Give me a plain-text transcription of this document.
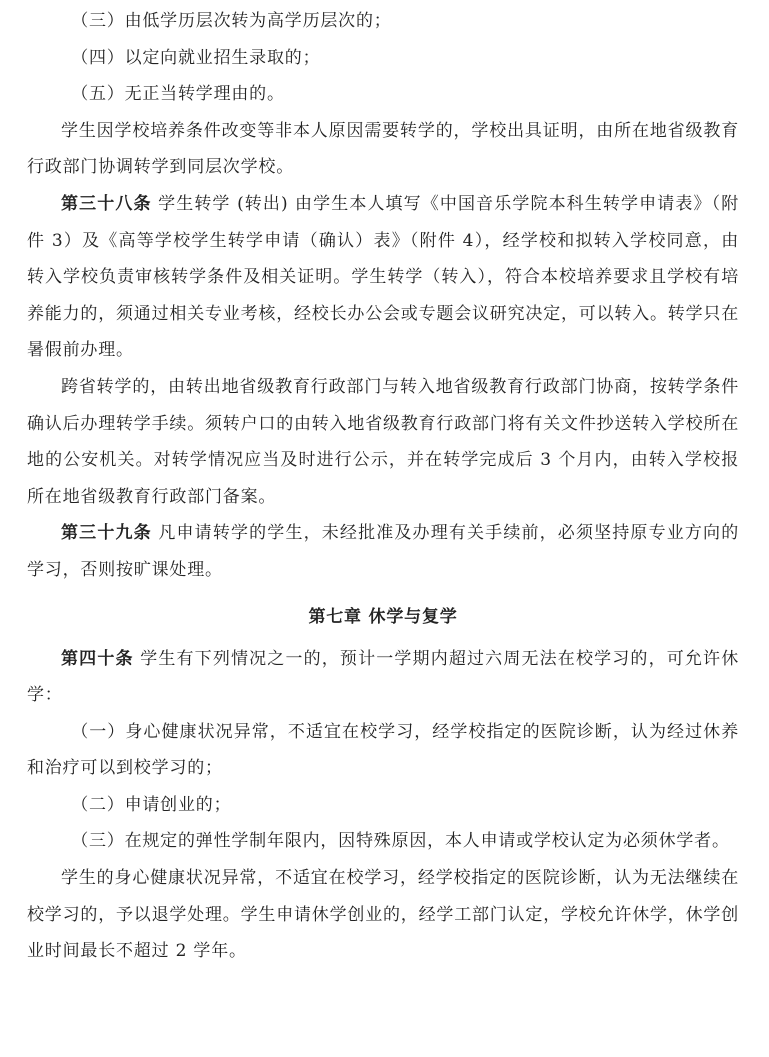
（三）由低学历层次转为高学历层次的；

（四）以定向就业招生录取的；

（五）无正当转学理由的。

学生因学校培养条件改变等非本人原因需要转学的，学校出具证明，由所在地省级教育行政部门协调转学到同层次学校。

第三十八条 学生转学 (转出) 由学生本人填写《中国音乐学院本科生转学申请表》（附件 3）及《高等学校学生转学申请（确认）表》（附件 4），经学校和拟转入学校同意，由转入学校负责审核转学条件及相关证明。学生转学（转入），符合本校培养要求且学校有培养能力的，须通过相关专业考核，经校长办公会或专题会议研究决定，可以转入。转学只在暑假前办理。

跨省转学的，由转出地省级教育行政部门与转入地省级教育行政部门协商，按转学条件确认后办理转学手续。须转户口的由转入地省级教育行政部门将有关文件抄送转入学校所在地的公安机关。对转学情况应当及时进行公示，并在转学完成后 3 个月内，由转入学校报所在地省级教育行政部门备案。

第三十九条 凡申请转学的学生，未经批准及办理有关手续前，必须坚持原专业方向的学习，否则按旷课处理。

第七章 休学与复学

第四十条 学生有下列情况之一的，预计一学期内超过六周无法在校学习的，可允许休学：

（一）身心健康状况异常，不适宜在校学习，经学校指定的医院诊断，认为经过休养和治疗可以到校学习的；

（二）申请创业的；

（三）在规定的弹性学制年限内，因特殊原因，本人申请或学校认定为必须休学者。

学生的身心健康状况异常，不适宜在校学习，经学校指定的医院诊断，认为无法继续在校学习的，予以退学处理。学生申请休学创业的，经学工部门认定，学校允许休学，休学创业时间最长不超过 2 学年。
